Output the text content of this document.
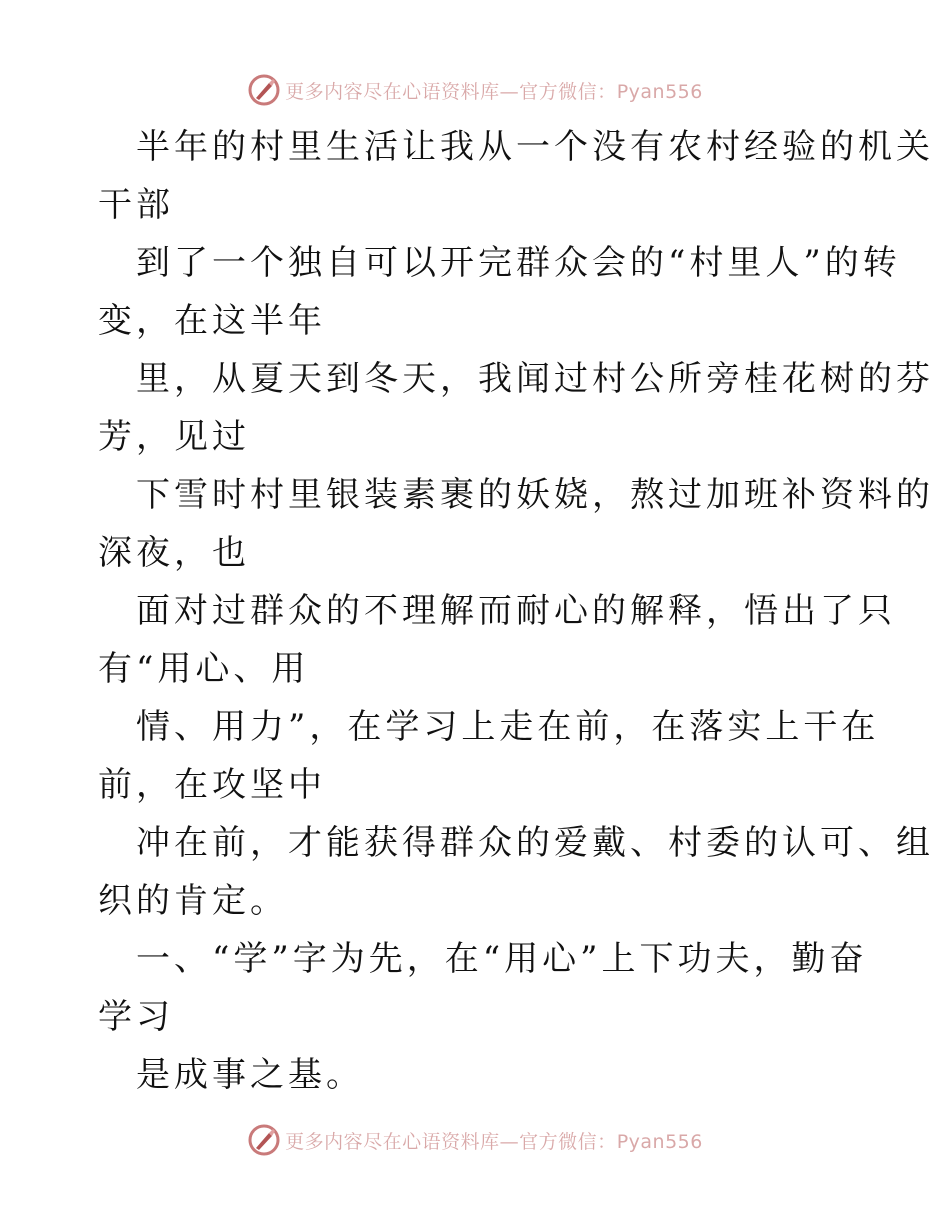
更多内容尽在心语资料库—官方微信：Pyan556
半年的村里生活让我从一个没有农村经验的机关
干部
到了一个独自可以开完群众会的“村里人”的转
变，在这半年
里，从夏天到冬天，我闻过村公所旁桂花树的芬
芳，见过
下雪时村里银装素裹的妖娆，熬过加班补资料的
深夜，也
面对过群众的不理解而耐心的解释，悟出了只
有“用心、用
情、用力”，在学习上走在前，在落实上干在
前，在攻坚中
冲在前，才能获得群众的爱戴、村委的认可、组
织的肯定。
一、“学”字为先，在“用心”上下功夫，勤奋
学习
是成事之基。
更多内容尽在心语资料库—官方微信：Pyan556
